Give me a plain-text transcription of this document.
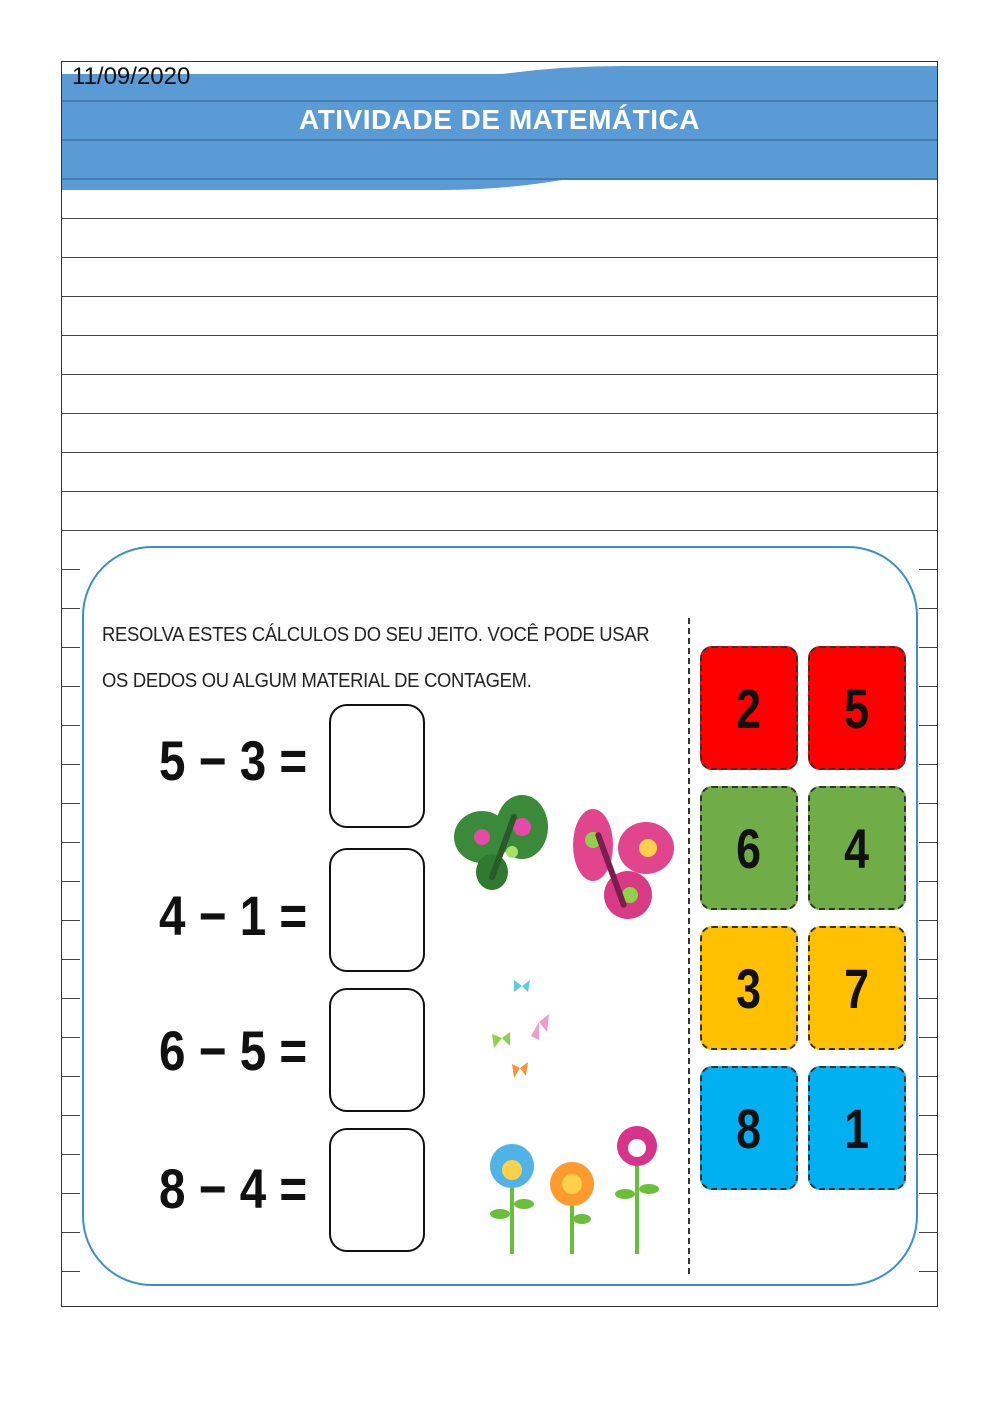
11/09/2020
ATIVIDADE DE MATEMÁTICA
RESOLVA ESTES CÁLCULOS DO SEU JEITO. VOCÊ PODE USAR
OS DEDOS OU ALGUM MATERIAL DE CONTAGEM.
5 − 3 =
4 − 1 =
6 − 5 =
8 − 4 =
2 5
6 4
3 7
8 1
